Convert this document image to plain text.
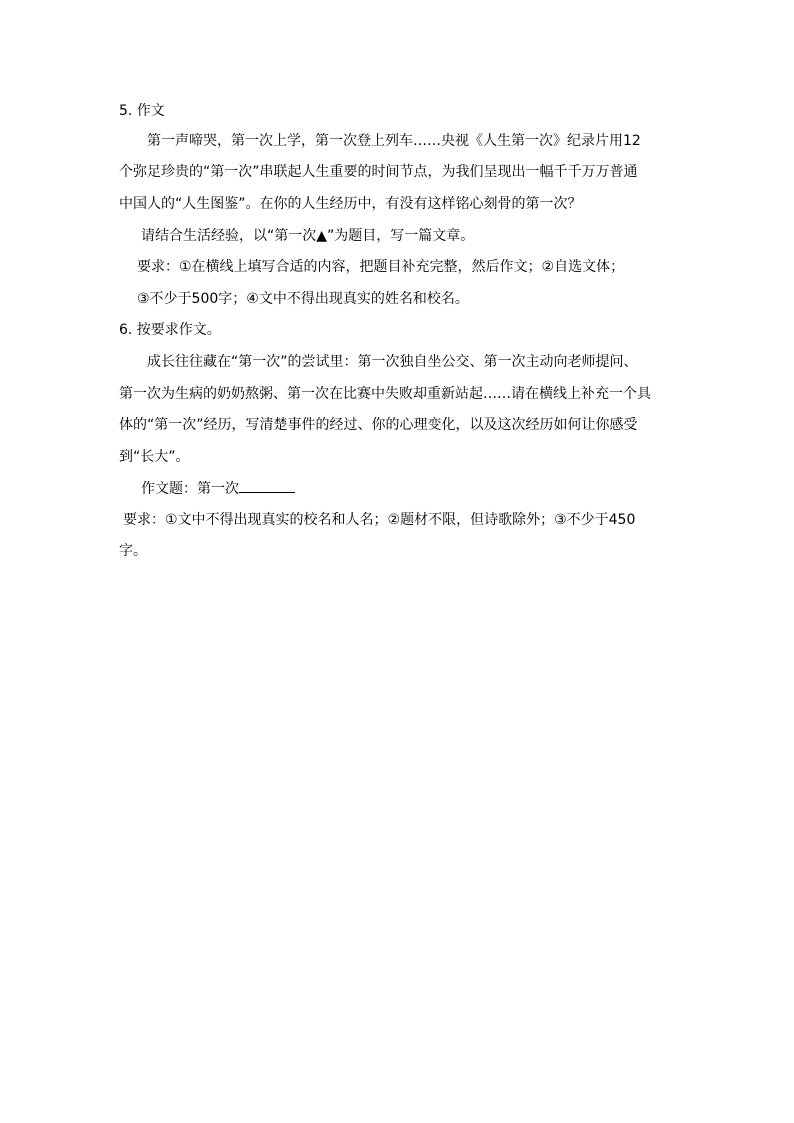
5. 作文
第一声啼哭，第一次上学，第一次登上列车……央视《人生第一次》纪录片用12
个弥足珍贵的“第一次”串联起人生重要的时间节点，为我们呈现出一幅千千万万普通
中国人的“人生图鉴”。在你的人生经历中，有没有这样铭心刻骨的第一次？
请结合生活经验，以“第一次▲”为题目，写一篇文章。
要求：①在横线上填写合适的内容，把题目补充完整，然后作文；②自选文体；
③不少于500字；④文中不得出现真实的姓名和校名。
6. 按要求作文。
成长往往藏在“第一次”的尝试里：第一次独自坐公交、第一次主动向老师提问、
第一次为生病的奶奶熬粥、第一次在比赛中失败却重新站起……请在横线上补充一个具
体的“第一次”经历，写清楚事件的经过、你的心理变化，以及这次经历如何让你感受
到“长大”。
作文题：第一次
要求：①文中不得出现真实的校名和人名；②题材不限，但诗歌除外；③不少于450
字。
